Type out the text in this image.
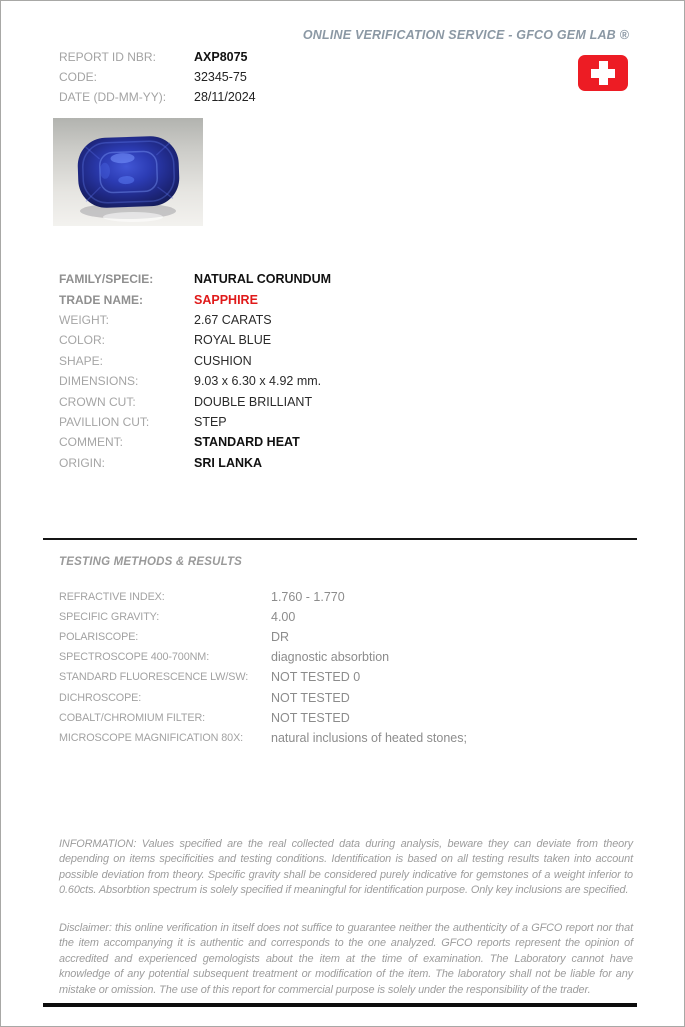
ONLINE VERIFICATION SERVICE - GFCO GEM LAB ®
REPORT ID NBR:	AXP8075
CODE:	32345-75
DATE (DD-MM-YY):	28/11/2024
FAMILY/SPECIE:	NATURAL CORUNDUM
TRADE NAME:	SAPPHIRE
WEIGHT:	2.67 CARATS
COLOR:	ROYAL BLUE
SHAPE:	CUSHION
DIMENSIONS:	9.03 x 6.30 x 4.92 mm.
CROWN CUT:	DOUBLE BRILLIANT
PAVILLION CUT:	STEP
COMMENT:	STANDARD HEAT
ORIGIN:	SRI LANKA
TESTING METHODS & RESULTS
REFRACTIVE INDEX:	1.760 - 1.770
SPECIFIC GRAVITY:	4.00
POLARISCOPE:	DR
SPECTROSCOPE 400-700NM:	diagnostic absorbtion
STANDARD FLUORESCENCE LW/SW:	NOT TESTED 0
DICHROSCOPE:	NOT TESTED
COBALT/CHROMIUM FILTER:	NOT TESTED
MICROSCOPE MAGNIFICATION 80X:	natural inclusions of heated stones;
INFORMATION: Values specified are the real collected data during analysis, beware they can deviate from theory depending on items specificities and testing conditions. Identification is based on all testing results taken into account possible deviation from theory. Specific gravity shall be considered purely indicative for gemstones of a weight inferior to 0.60cts. Absorbtion spectrum is solely specified if meaningful for identification purpose. Only key inclusions are specified.
Disclaimer: this online verification in itself does not suffice to guarantee neither the authenticity of a GFCO report nor that the item accompanying it is authentic and corresponds to the one analyzed. GFCO reports represent the opinion of accredited and experienced gemologists about the item at the time of examination. The Laboratory cannot have knowledge of any potential subsequent treatment or modification of the item. The laboratory shall not be liable for any mistake or omission. The use of this report for commercial purpose is solely under the responsibility of the trader.
